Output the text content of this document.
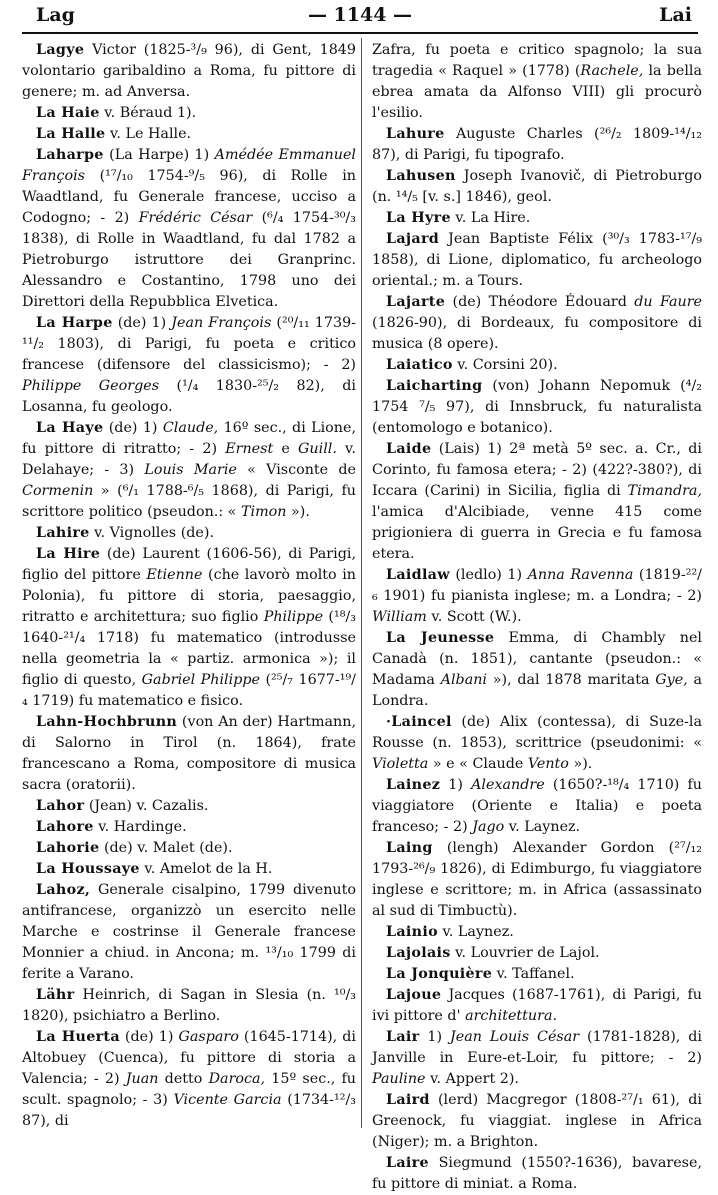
Lag	— 1144 —	Lai

Lagye Victor (1825-³/₉ 96), di Gent, 1849 volontario garibaldino a Roma, fu pittore di genere; m. ad Anversa.

La Haie v. Béraud 1).

La Halle v. Le Halle.

Laharpe (La Harpe) 1) Amédée Emmanuel François (¹⁷/₁₀ 1754-⁹/₅ 96), di Rolle in Waadtland, fu Generale francese, ucciso a Codogno; - 2) Frédéric César (⁶/₄ 1754-³⁰/₃ 1838), di Rolle in Waadtland, fu dal 1782 a Pietroburgo istruttore dei Granprinc. Alessandro e Costantino, 1798 uno dei Direttori della Repubblica Elvetica.

La Harpe (de) 1) Jean François (²⁰/₁₁ 1739-¹¹/₂ 1803), di Parigi, fu poeta e critico francese (difensore del classicismo); - 2) Philippe Georges (¹/₄ 1830-²⁵/₂ 82), di Losanna, fu geologo.

La Haye (de) 1) Claude, 16º sec., di Lione, fu pittore di ritratto; - 2) Ernest e Guill. v. Delahaye; - 3) Louis Marie « Visconte de Cormenin » (⁶/₁ 1788-⁶/₅ 1868), di Parigi, fu scrittore politico (pseudon.: « Timon »).

Lahire v. Vignolles (de).

La Hire (de) Laurent (1606-56), di Parigi, figlio del pittore Etienne (che lavorò molto in Polonia), fu pittore di storia, paesaggio, ritratto e architettura; suo figlio Philippe (¹⁸/₃ 1640-²¹/₄ 1718) fu matematico (introdusse nella geometria la « partiz. armonica »); il figlio di questo, Gabriel Philippe (²⁵/₇ 1677-¹⁹/₄ 1719) fu matematico e fisico.

Lahn-Hochbrunn (von An der) Hartmann, di Salorno in Tirol (n. 1864), frate francescano a Roma, compositore di musica sacra (oratorii).

Lahor (Jean) v. Cazalis.

Lahore v. Hardinge.

Lahorie (de) v. Malet (de).

La Houssaye v. Amelot de la H.

Lahoz, Generale cisalpino, 1799 divenuto antifrancese, organizzò un esercito nelle Marche e costrinse il Generale francese Monnier a chiud. in Ancona; m. ¹³/₁₀ 1799 di ferite a Varano.

Lähr Heinrich, di Sagan in Slesia (n. ¹⁰/₃ 1820), psichiatro a Berlino.

La Huerta (de) 1) Gasparo (1645-1714), di Altobuey (Cuenca), fu pittore di storia a Valencia; - 2) Juan detto Daroca, 15º sec., fu scult. spagnolo; - 3) Vicente Garcia (1734-¹²/₃ 87), di

Zafra, fu poeta e critico spagnolo; la sua tragedia « Raquel » (1778) (Rachele, la bella ebrea amata da Alfonso VIII) gli procurò l'esilio.

Lahure Auguste Charles (²⁶/₂ 1809-¹⁴/₁₂ 87), di Parigi, fu tipografo.

Lahusen Joseph Ivanovič, di Pietroburgo (n. ¹⁴/₅ [v. s.] 1846), geol.

La Hyre v. La Hire.

Lajard Jean Baptiste Félix (³⁰/₃ 1783-¹⁷/₉ 1858), di Lione, diplomatico, fu archeologo oriental.; m. a Tours.

Lajarte (de) Théodore Édouard du Faure (1826-90), di Bordeaux, fu compositore di musica (8 opere).

Laiatico v. Corsini 20).

Laicharting (von) Johann Nepomuk (⁴/₂ 1754 ⁷/₅ 97), di Innsbruck, fu naturalista (entomologo e botanico).

Laide (Lais) 1) 2ª metà 5º sec. a. Cr., di Corinto, fu famosa etera; - 2) (422?-380?), di Iccara (Carini) in Sicilia, figlia di Timandra, l'amica d'Alcibiade, venne 415 come prigioniera di guerra in Grecia e fu famosa etera.

Laidlaw (ledlo) 1) Anna Ravenna (1819-²²/₆ 1901) fu pianista inglese; m. a Londra; - 2) William v. Scott (W.).

La Jeunesse Emma, di Chambly nel Canadà (n. 1851), cantante (pseudon.: « Madama Albani »), dal 1878 maritata Gye, a Londra.

·Laincel (de) Alix (contessa), di Suze-la Rousse (n. 1853), scrittrice (pseudonimi: « Violetta » e « Claude Vento »).

Lainez 1) Alexandre (1650?-¹⁸/₄ 1710) fu viaggiatore (Oriente e Italia) e poeta franceso; - 2) Jago v. Laynez.

Laing (lengh) Alexander Gordon (²⁷/₁₂ 1793-²⁶/₉ 1826), di Edimburgo, fu viaggiatore inglese e scrittore; m. in Africa (assassinato al sud di Timbuctù).

Lainio v. Laynez.

Lajolais v. Louvrier de Lajol.

La Jonquière v. Taffanel.

Lajoue Jacques (1687-1761), di Parigi, fu ivi pittore d' architettura.

Lair 1) Jean Louis César (1781-1828), di Janville in Eure-et-Loir, fu pittore; - 2) Pauline v. Appert 2).

Laird (lerd) Macgregor (1808-²⁷/₁ 61), di Greenock, fu viaggiat. inglese in Africa (Niger); m. a Brighton.

Laire Siegmund (1550?-1636), bavarese, fu pittore di miniat. a Roma.
